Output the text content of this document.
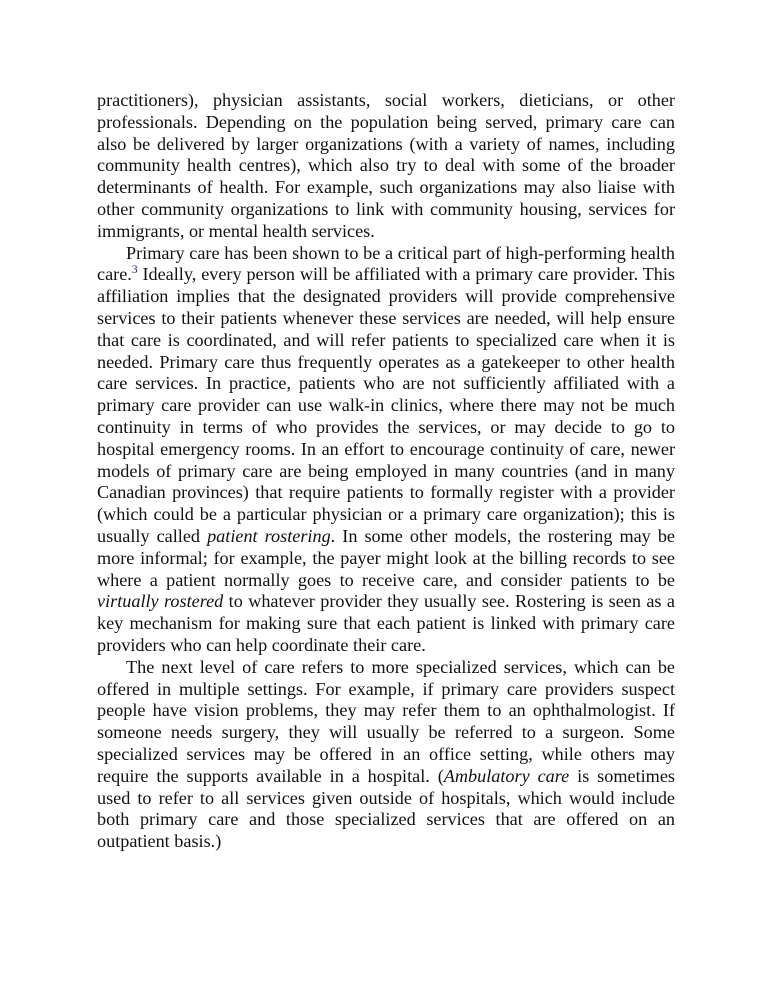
practitioners), physician assistants, social workers, dieticians, or other professionals. Depending on the population being served, primary care can also be delivered by larger organizations (with a variety of names, including community health centres), which also try to deal with some of the broader determinants of health. For example, such organizations may also liaise with other community organizations to link with community housing, services for immigrants, or mental health services.

Primary care has been shown to be a critical part of high-performing health care.$^3$ Ideally, every person will be affiliated with a primary care provider. This affiliation implies that the designated providers will provide comprehensive services to their patients whenever these services are needed, will help ensure that care is coordinated, and will refer patients to specialized care when it is needed. Primary care thus frequently operates as a gatekeeper to other health care services. In practice, patients who are not sufficiently affiliated with a primary care provider can use walk-in clinics, where there may not be much continuity in terms of who provides the services, or may decide to go to hospital emergency rooms. In an effort to encourage continuity of care, newer models of primary care are being employed in many countries (and in many Canadian provinces) that require patients to formally register with a provider (which could be a particular physician or a primary care organization); this is usually called patient rostering. In some other models, the rostering may be more informal; for example, the payer might look at the billing records to see where a patient normally goes to receive care, and consider patients to be virtually rostered to whatever provider they usually see. Rostering is seen as a key mechanism for making sure that each patient is linked with primary care providers who can help coordinate their care.

The next level of care refers to more specialized services, which can be offered in multiple settings. For example, if primary care providers suspect people have vision problems, they may refer them to an ophthalmologist. If someone needs surgery, they will usually be referred to a surgeon. Some specialized services may be offered in an office setting, while others may require the supports available in a hospital. (Ambulatory care is sometimes used to refer to all services given outside of hospitals, which would include both primary care and those specialized services that are offered on an outpatient basis.)
